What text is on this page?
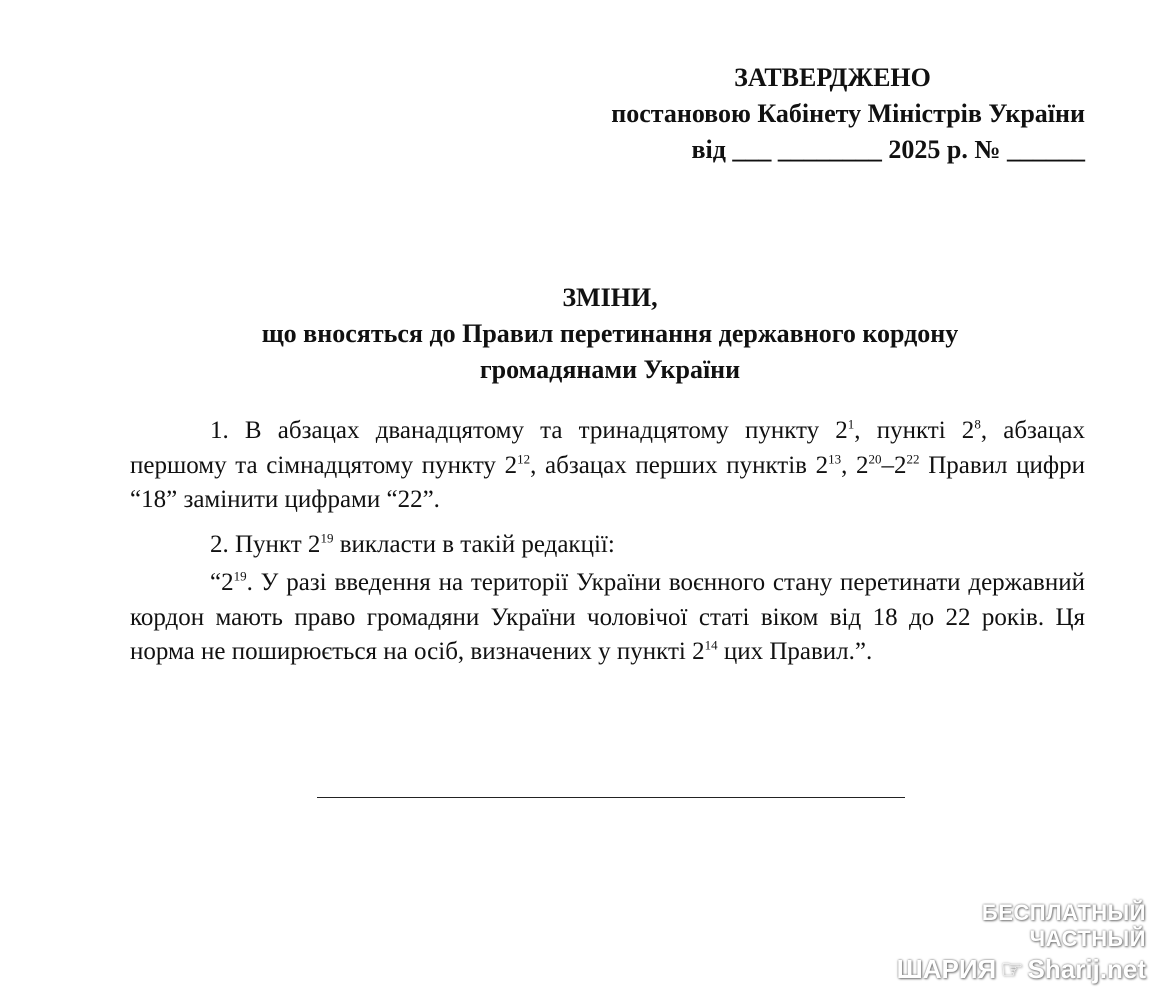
ЗАТВЕРДЖЕНО
постановою Кабінету Міністрів України
від ___ ________ 2025 р. № ______
ЗМІНИ,
що вносяться до Правил перетинання державного кордону
громадянами України

1. В абзацах дванадцятому та тринадцятому пункту $2^1$, пункті $2^8$, абзацах першому та сімнадцятому пункту $2^{12}$, абзацах перших пунктів $2^{13}$, $2^{20}-2^{22}$ Правил цифри “18” замінити цифрами “22”.

2. Пункт $2^{19}$ викласти в такій редакції:

“$2^{19}$. У разі введення на території України воєнного стану перетинати державний кордон мають право громадяни України чоловічої статі віком від 18 до 22 років. Ця норма не поширюється на осіб, визначених у пункті $2^{14}$ цих Правил.”.

БЕСПЛАТНЫЙ ЧАСТНЫЙ
ШАРИЯ ☞ Sharij.net
